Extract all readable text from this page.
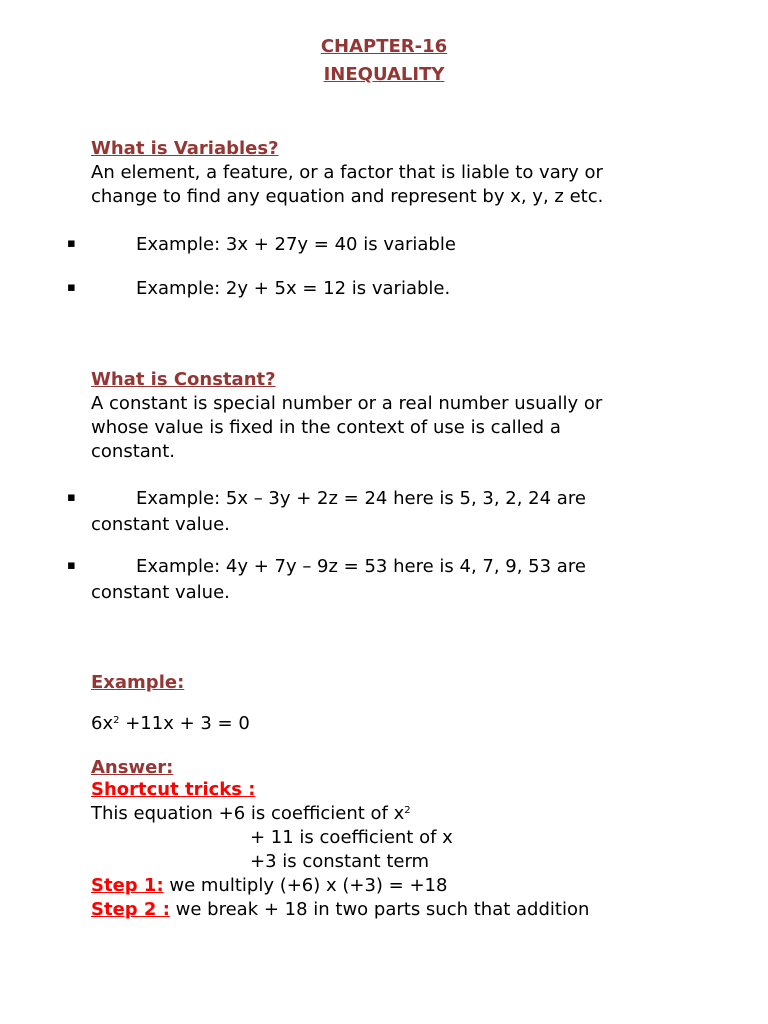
CHAPTER-16
INEQUALITY
What is Variables?
An element, a feature, or a factor that is liable to vary or
change to find any equation and represent by x, y, z etc.
▪	Example: 3x + 27y = 40 is variable
▪	Example: 2y + 5x = 12 is variable.
What is Constant?
A constant is special number or a real number usually or
whose value is fixed in the context of use is called a
constant.
▪	Example: 5x – 3y + 2z = 24 here is 5, 3, 2, 24 are
constant value.
▪	Example: 4y + 7y – 9z = 53 here is 4, 7, 9, 53 are
constant value.
Example:
$6x^2 +11x + 3 = 0$
Answer:
Shortcut tricks :
This equation +6 is coefficient of $x^2$
+ 11 is coefficient of x
+3 is constant term
Step 1: we multiply (+6) x (+3) = +18
Step 2 : we break + 18 in two parts such that addition
